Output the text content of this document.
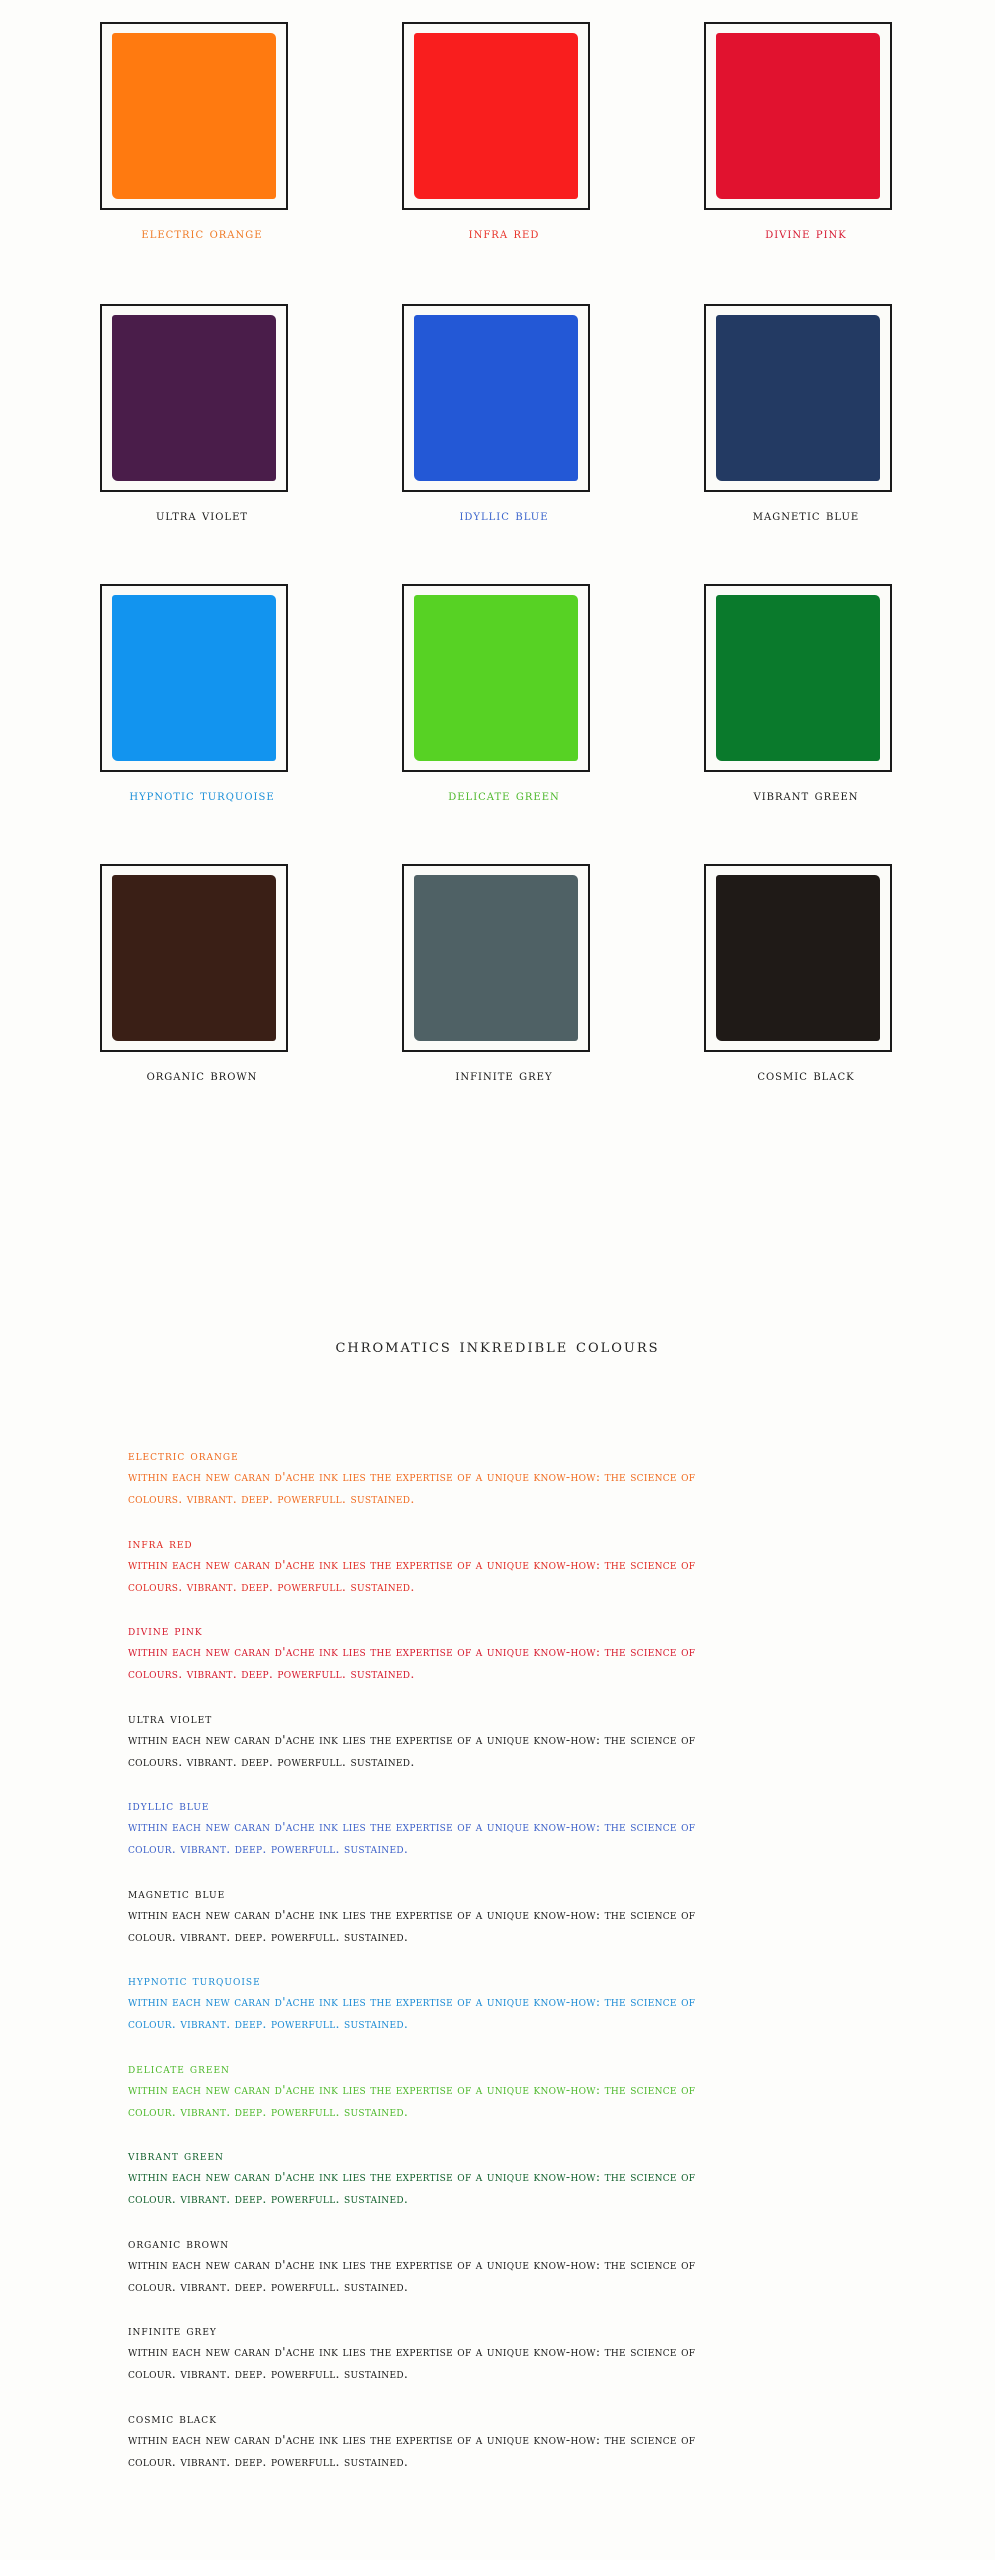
electric orange	infra red	divine pink
ultra violet	idyllic blue	magnetic blue
hypnotic turquoise	delicate green	vibrant green
organic brown	infinite grey	cosmic black
chromatics inkredible colours
electric orange
within each new caran d'ache ink lies the expertise of a unique know-how: the science of
colours. vibrant. deep. powerfull. sustained.
infra red
within each new caran d'ache ink lies the expertise of a unique know-how: the science of
colours. vibrant. deep. powerfull. sustained.
divine pink
within each new caran d'ache ink lies the expertise of a unique know-how: the science of
colours. vibrant. deep. powerfull. sustained.
ultra violet
within each new caran d'ache ink lies the expertise of a unique know-how: the science of
colours. vibrant. deep. powerfull. sustained.
idyllic blue
within each new caran d'ache ink lies the expertise of a unique know-how: the science of
colour. vibrant. deep. powerfull. sustained.
magnetic blue
within each new caran d'ache ink lies the expertise of a unique know-how: the science of
colour. vibrant. deep. powerfull. sustained.
hypnotic turquoise
within each new caran d'ache ink lies the expertise of a unique know-how: the science of
colour. vibrant. deep. powerfull. sustained.
delicate green
within each new caran d'ache ink lies the expertise of a unique know-how: the science of
colour. vibrant. deep. powerfull. sustained.
vibrant green
within each new caran d'ache ink lies the expertise of a unique know-how: the science of
colour. vibrant. deep. powerfull. sustained.
organic brown
within each new caran d'ache ink lies the expertise of a unique know-how: the science of
colour. vibrant. deep. powerfull. sustained.
infinite grey
within each new caran d'ache ink lies the expertise of a unique know-how: the science of
colour. vibrant. deep. powerfull. sustained.
cosmic black
within each new caran d'ache ink lies the expertise of a unique know-how: the science of
colour. vibrant. deep. powerfull. sustained.
